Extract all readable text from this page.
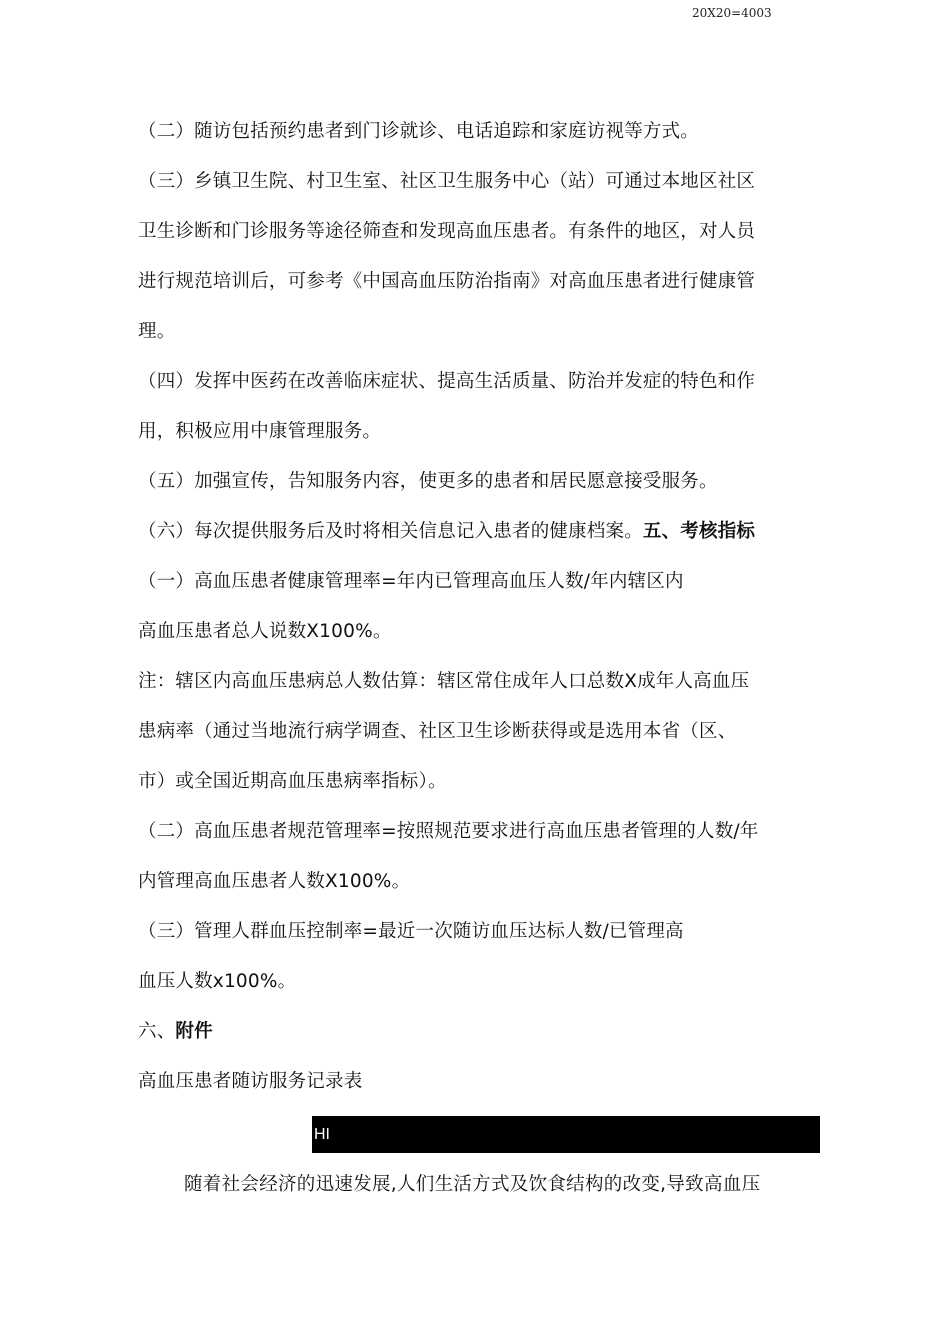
20X20=4003
（二）随访包括预约患者到门诊就诊、电话追踪和家庭访视等方式。
（三）乡镇卫生院、村卫生室、社区卫生服务中心（站）可通过本地区社区
卫生诊断和门诊服务等途径筛查和发现高血压患者。有条件的地区，对人员
进行规范培训后，可参考《中国高血压防治指南》对高血压患者进行健康管
理。
（四）发挥中医药在改善临床症状、提高生活质量、防治并发症的特色和作
用，积极应用中康管理服务。
（五）加强宣传，告知服务内容，使更多的患者和居民愿意接受服务。
（六）每次提供服务后及时将相关信息记入患者的健康档案。五、考核指标
（一）高血压患者健康管理率=年内已管理高血压人数/年内辖区内
高血压患者总人说数X100%。
注：辖区内高血压患病总人数估算：辖区常住成年人口总数X成年人高血压
患病率（通过当地流行病学调查、社区卫生诊断获得或是选用本省（区、
市）或全国近期高血压患病率指标）。
（二）高血压患者规范管理率=按照规范要求进行高血压患者管理的人数/年
内管理高血压患者人数X100%。
（三）管理人群血压控制率=最近一次随访血压达标人数/已管理高
血压人数x100%。
六、附件
高血压患者随访服务记录表
HI
随着社会经济的迅速发展,人们生活方式及饮食结构的改变,导致高血压
